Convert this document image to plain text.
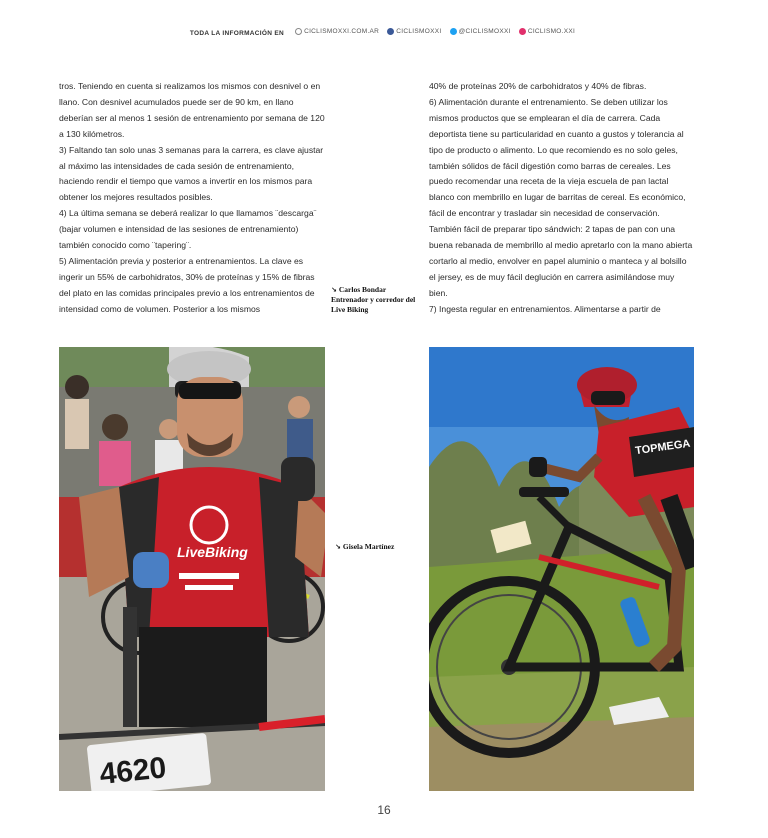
TODA LA INFORMACIÓN EN	CICLISMOXXI.COM.AR
	CICLISMOXXI
	@CICLISMOXXI
	CICLISMO.XXI

tros. Teniendo en cuenta si realizamos los mismos con desnivel o en llano. Con desnivel acumulados puede ser de 90 km, en llano deberían ser al menos 1 sesión de entrenamiento por semana de 120 a 130 kilómetros.

3) Faltando tan solo unas 3 semanas para la carrera, es clave ajustar al máximo las intensidades de cada sesión de entrenamiento, haciendo rendir el tiempo que vamos a invertir en los mismos para obtener los mejores resultados posibles.

4) La última semana se deberá realizar lo que llamamos ¨descarga¨ (bajar volumen e intensidad de las sesiones de entrenamiento) también conocido como ¨tapering¨.

5) Alimentación previa y posterior a entrenamientos. La clave es ingerir un 55% de carbohidratos, 30% de proteínas y 15% de fibras del plato en las comidas principales previo a los entrenamientos de intensidad como de volumen. Posterior a los mismos

40% de proteínas 20% de carbohidratos y 40% de fibras.

6) Alimentación durante el entrenamiento. Se deben utilizar los mismos productos que se emplearan el día de carrera. Cada deportista tiene su particularidad en cuanto a gustos y tolerancia al tipo de producto o alimento. Lo que recomiendo es no solo geles, también sólidos de fácil digestión como barras de cereales. Les puedo recomendar una receta de la vieja escuela de pan lactal blanco con membrillo en lugar de barritas de cereal. Es económico, fácil de encontrar y trasladar sin necesidad de conservación. También fácil de preparar tipo sándwich: 2 tapas de pan con una buena rebanada de membrillo al medio apretarlo con la mano abierta cortarlo al medio, envolver en papel aluminio o manteca y al bolsillo el jersey, es de muy fácil deglución en carrera asimilándose muy bien.

7) Ingesta regular en entrenamientos. Alimentarse a partir de

↘ Carlos Bondar Entrenador y corredor del Live Biking
↘ Gisela Martínez
LiveBiking
4620
TOPMEGA
16
